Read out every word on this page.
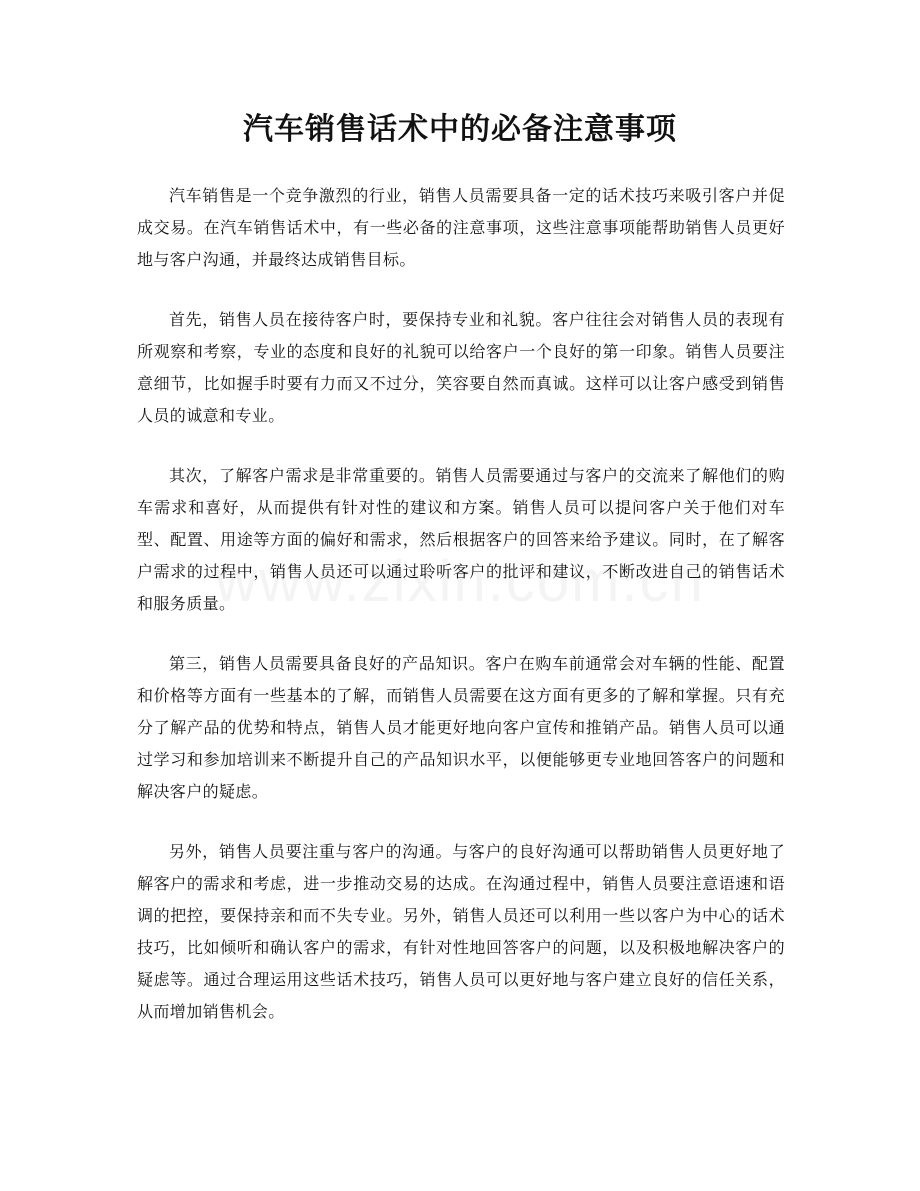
汽车销售话术中的必备注意事项

汽车销售是一个竞争激烈的行业，销售人员需要具备一定的话术技巧来吸引客户并促成交易。在汽车销售话术中，有一些必备的注意事项，这些注意事项能帮助销售人员更好地与客户沟通，并最终达成销售目标。

首先，销售人员在接待客户时，要保持专业和礼貌。客户往往会对销售人员的表现有所观察和考察，专业的态度和良好的礼貌可以给客户一个良好的第一印象。销售人员要注意细节，比如握手时要有力而又不过分，笑容要自然而真诚。这样可以让客户感受到销售人员的诚意和专业。

其次，了解客户需求是非常重要的。销售人员需要通过与客户的交流来了解他们的购车需求和喜好，从而提供有针对性的建议和方案。销售人员可以提问客户关于他们对车型、配置、用途等方面的偏好和需求，然后根据客户的回答来给予建议。同时，在了解客户需求的过程中，销售人员还可以通过聆听客户的批评和建议，不断改进自己的销售话术和服务质量。

第三，销售人员需要具备良好的产品知识。客户在购车前通常会对车辆的性能、配置和价格等方面有一些基本的了解，而销售人员需要在这方面有更多的了解和掌握。只有充分了解产品的优势和特点，销售人员才能更好地向客户宣传和推销产品。销售人员可以通过学习和参加培训来不断提升自己的产品知识水平，以便能够更专业地回答客户的问题和解决客户的疑虑。

另外，销售人员要注重与客户的沟通。与客户的良好沟通可以帮助销售人员更好地了解客户的需求和考虑，进一步推动交易的达成。在沟通过程中，销售人员要注意语速和语调的把控，要保持亲和而不失专业。另外，销售人员还可以利用一些以客户为中心的话术技巧，比如倾听和确认客户的需求，有针对性地回答客户的问题，以及积极地解决客户的疑虑等。通过合理运用这些话术技巧，销售人员可以更好地与客户建立良好的信任关系，从而增加销售机会。
